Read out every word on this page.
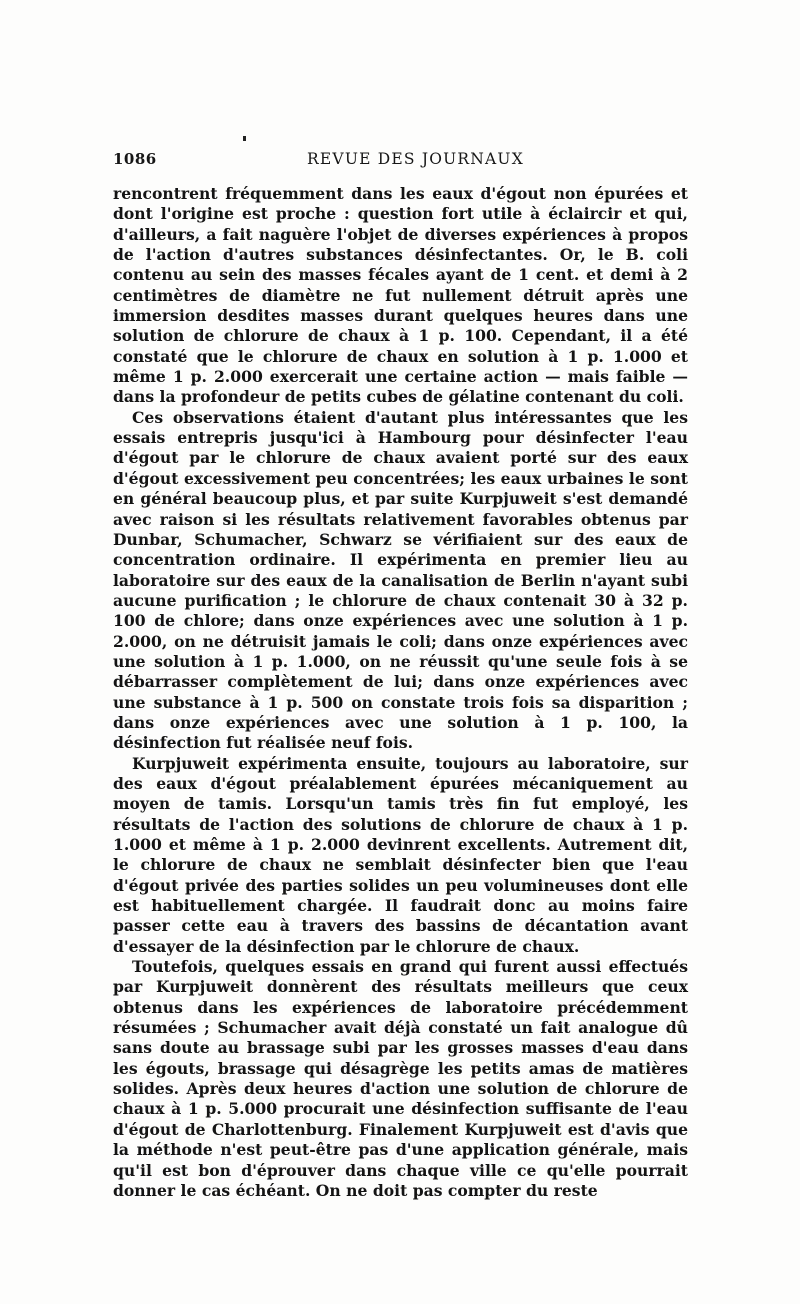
1086	REVUE DES JOURNAUX

rencontrent fréquemment dans les eaux d'égout non épurées et dont l'origine est proche : question fort utile à éclaircir et qui, d'ailleurs, a fait naguère l'objet de diverses expériences à propos de l'action d'autres substances désinfectantes. Or, le B. coli contenu au sein des masses fécales ayant de 1 cent. et demi à 2 centimètres de diamètre ne fut nullement détruit après une immersion desdites masses durant quelques heures dans une solution de chlorure de chaux à 1 p. 100. Cependant, il a été constaté que le chlorure de chaux en solution à 1 p. 1.000 et même 1 p. 2.000 exercerait une certaine action — mais faible — dans la profondeur de petits cubes de gélatine contenant du coli.

Ces observations étaient d'autant plus intéressantes que les essais entrepris jusqu'ici à Hambourg pour désinfecter l'eau d'égout par le chlorure de chaux avaient porté sur des eaux d'égout excessivement peu concentrées; les eaux urbaines le sont en général beaucoup plus, et par suite Kurpjuweit s'est demandé avec raison si les résultats relativement favorables obtenus par Dunbar, Schumacher, Schwarz se vérifiaient sur des eaux de concentration ordinaire. Il expérimenta en premier lieu au laboratoire sur des eaux de la canalisation de Berlin n'ayant subi aucune purification ; le chlorure de chaux contenait 30 à 32 p. 100 de chlore; dans onze expériences avec une solution à 1 p. 2.000, on ne détruisit jamais le coli; dans onze expériences avec une solution à 1 p. 1.000, on ne réussit qu'une seule fois à se débarrasser complètement de lui; dans onze expériences avec une substance à 1 p. 500 on constate trois fois sa disparition ; dans onze expériences avec une solution à 1 p. 100, la désinfection fut réalisée neuf fois.

Kurpjuweit expérimenta ensuite, toujours au laboratoire, sur des eaux d'égout préalablement épurées mécaniquement au moyen de tamis. Lorsqu'un tamis très fin fut employé, les résultats de l'action des solutions de chlorure de chaux à 1 p. 1.000 et même à 1 p. 2.000 devinrent excellents. Autrement dit, le chlorure de chaux ne semblait désinfecter bien que l'eau d'égout privée des parties solides un peu volumineuses dont elle est habituellement chargée. Il faudrait donc au moins faire passer cette eau à travers des bassins de décantation avant d'essayer de la désinfection par le chlorure de chaux.

Toutefois, quelques essais en grand qui furent aussi effectués par Kurpjuweit donnèrent des résultats meilleurs que ceux obtenus dans les expériences de laboratoire précédemment résumées ; Schumacher avait déjà constaté un fait analogue dû sans doute au brassage subi par les grosses masses d'eau dans les égouts, brassage qui désagrège les petits amas de matières solides. Après deux heures d'action une solution de chlorure de chaux à 1 p. 5.000 procurait une désinfection suffisante de l'eau d'égout de Charlottenburg. Finalement Kurpjuweit est d'avis que la méthode n'est peut-être pas d'une application générale, mais qu'il est bon d'éprouver dans chaque ville ce qu'elle pourrait donner le cas échéant. On ne doit pas compter du reste
